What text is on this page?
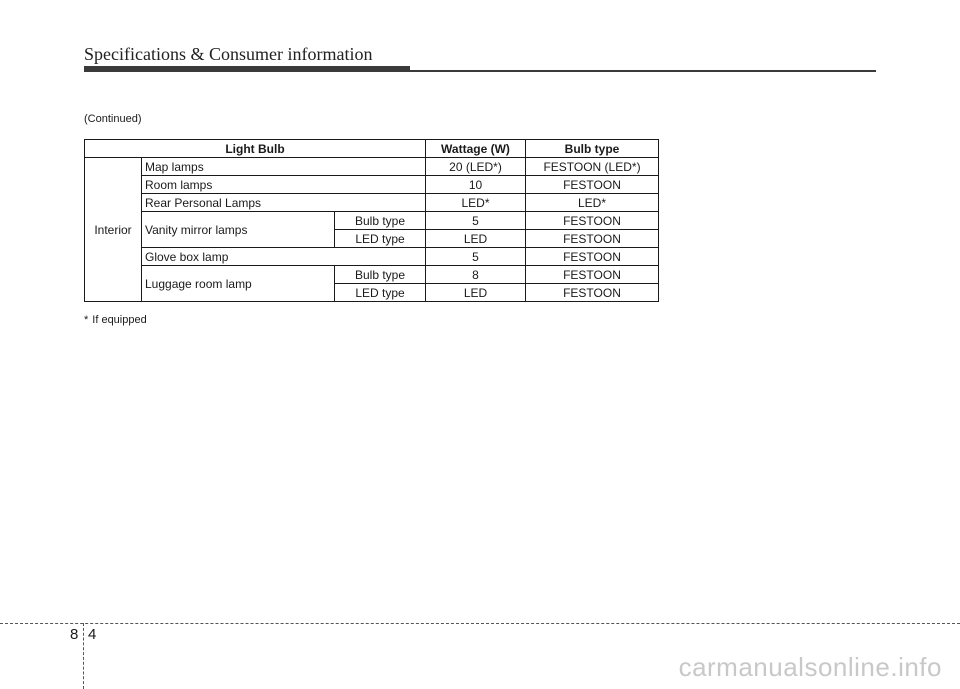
Specifications & Consumer information
(Continued)
Light Bulb			Wattage (W)	Bulb type
Interior	Map lamps		20 (LED*)	FESTOON (LED*)
	Room lamps		10	FESTOON
	Rear Personal Lamps		LED*	LED*
	Vanity mirror lamps	Bulb type	5	FESTOON
		LED type	LED	FESTOON
	Glove box lamp		5	FESTOON
	Luggage room lamp	Bulb type	8	FESTOON
		LED type	LED	FESTOON
* If equipped
8 4
carmanualsonline.info
